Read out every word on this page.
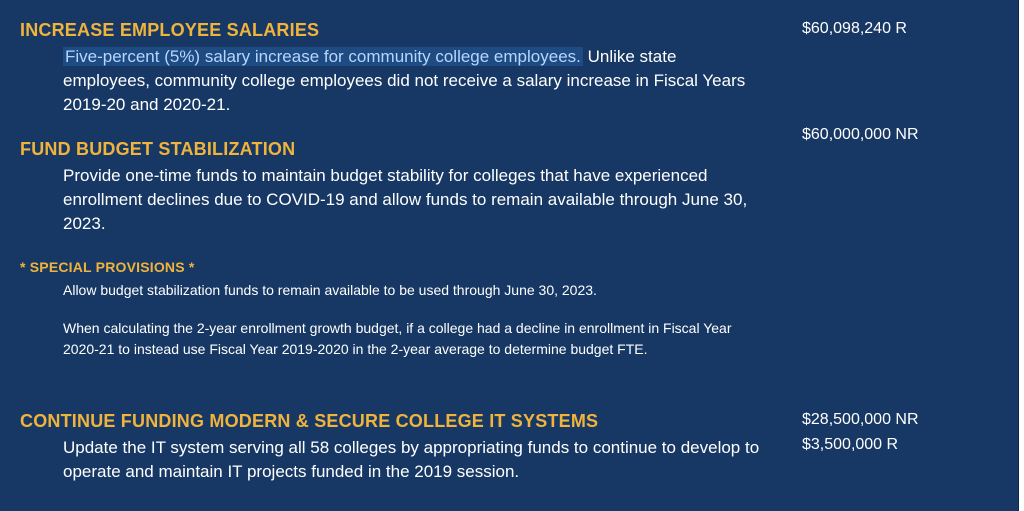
INCREASE EMPLOYEE SALARIES
Five-percent (5%) salary increase for community college employees. Unlike state employees, community college employees did not receive a salary increase in Fiscal Years 2019-20 and 2020-21.
$60,098,240 R
FUND BUDGET STABILIZATION
Provide one-time funds to maintain budget stability for colleges that have experienced enrollment declines due to COVID-19 and allow funds to remain available through June 30, 2023.
$60,000,000 NR
* SPECIAL PROVISIONS *
Allow budget stabilization funds to remain available to be used through June 30, 2023.
When calculating the 2-year enrollment growth budget, if a college had a decline in enrollment in Fiscal Year 2020-21 to instead use Fiscal Year 2019-2020 in the 2-year average to determine budget FTE.
CONTINUE FUNDING MODERN & SECURE COLLEGE IT SYSTEMS
Update the IT system serving all 58 colleges by appropriating funds to continue to develop to operate and maintain IT projects funded in the 2019 session.
$28,500,000 NR
$3,500,000 R
